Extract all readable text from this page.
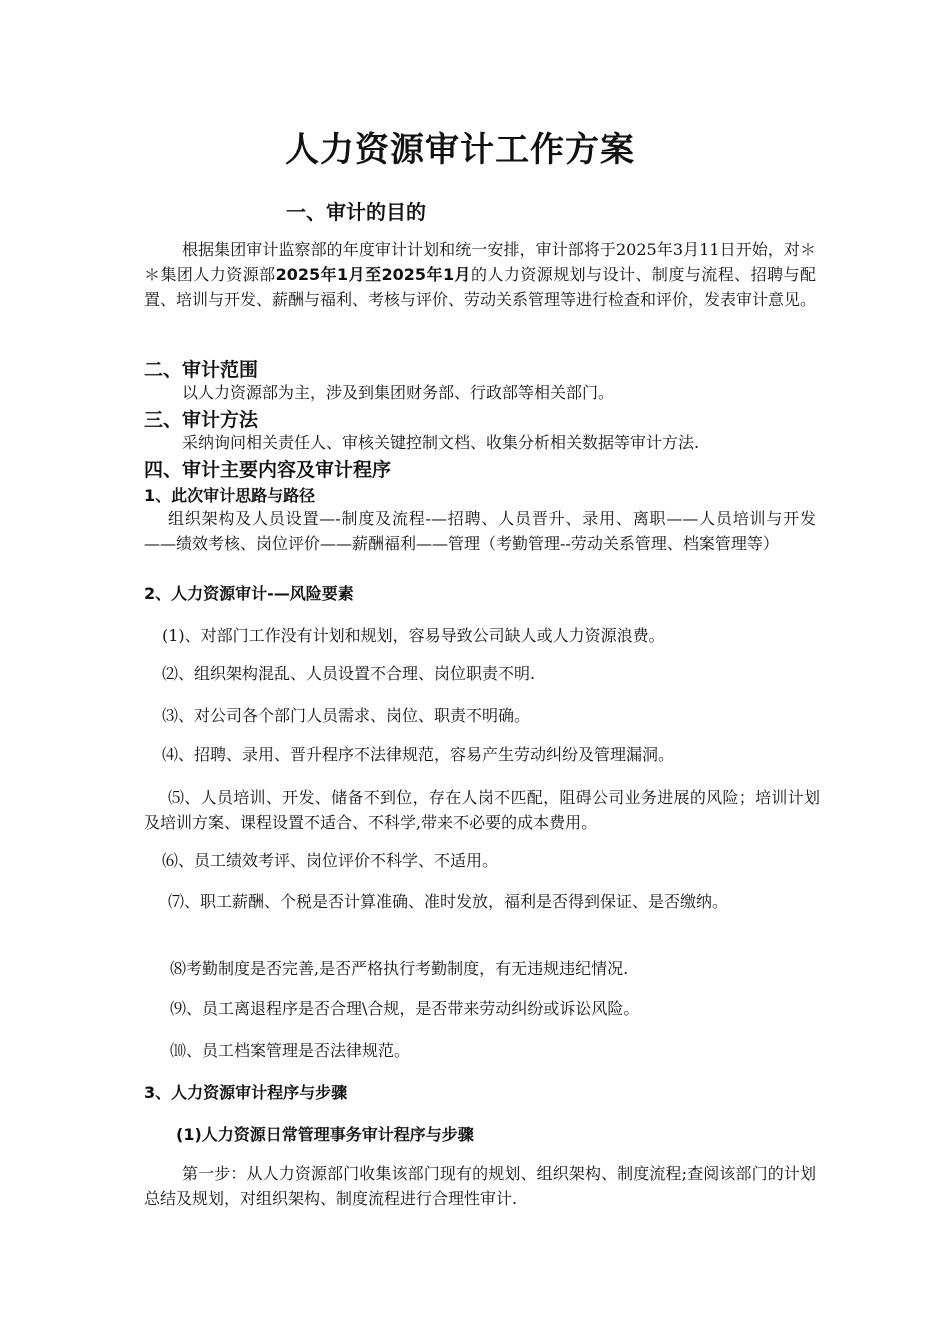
人力资源审计工作方案
一、审计的目的
根据集团审计监察部的年度审计计划和统一安排，审计部将于2025年3月11日开始，对＊＊集团人力资源部2025年1月至2025年1月的人力资源规划与设计、制度与流程、招聘与配置、培训与开发、薪酬与福利、考核与评价、劳动关系管理等进行检查和评价，发表审计意见。
二、审计范围
以人力资源部为主，涉及到集团财务部、行政部等相关部门。
三、审计方法
采纳询问相关责任人、审核关键控制文档、收集分析相关数据等审计方法.
四、审计主要内容及审计程序
1、此次审计思路与路径
组织架构及人员设置—-制度及流程-—招聘、人员晋升、录用、离职——人员培训与开发——绩效考核、岗位评价——薪酬福利——管理（考勤管理--劳动关系管理、档案管理等）
2、人力资源审计-—风险要素
(1)、对部门工作没有计划和规划，容易导致公司缺人或人力资源浪费。
⑵、组织架构混乱、人员设置不合理、岗位职责不明.
⑶、对公司各个部门人员需求、岗位、职责不明确。
⑷、招聘、录用、晋升程序不法律规范，容易产生劳动纠纷及管理漏洞。
⑸、人员培训、开发、储备不到位，存在人岗不匹配，阻碍公司业务进展的风险；培训计划及培训方案、课程设置不适合、不科学,带来不必要的成本费用。
⑹、员工绩效考评、岗位评价不科学、不适用。
⑺、职工薪酬、个税是否计算准确、准时发放，福利是否得到保证、是否缴纳。
⑻考勤制度是否完善,是否严格执行考勤制度，有无违规违纪情况.
⑼、员工离退程序是否合理\合规，是否带来劳动纠纷或诉讼风险。
⑽、员工档案管理是否法律规范。
3、人力资源审计程序与步骤
(1)人力资源日常管理事务审计程序与步骤
第一步：从人力资源部门收集该部门现有的规划、组织架构、制度流程;查阅该部门的计划总结及规划，对组织架构、制度流程进行合理性审计.
